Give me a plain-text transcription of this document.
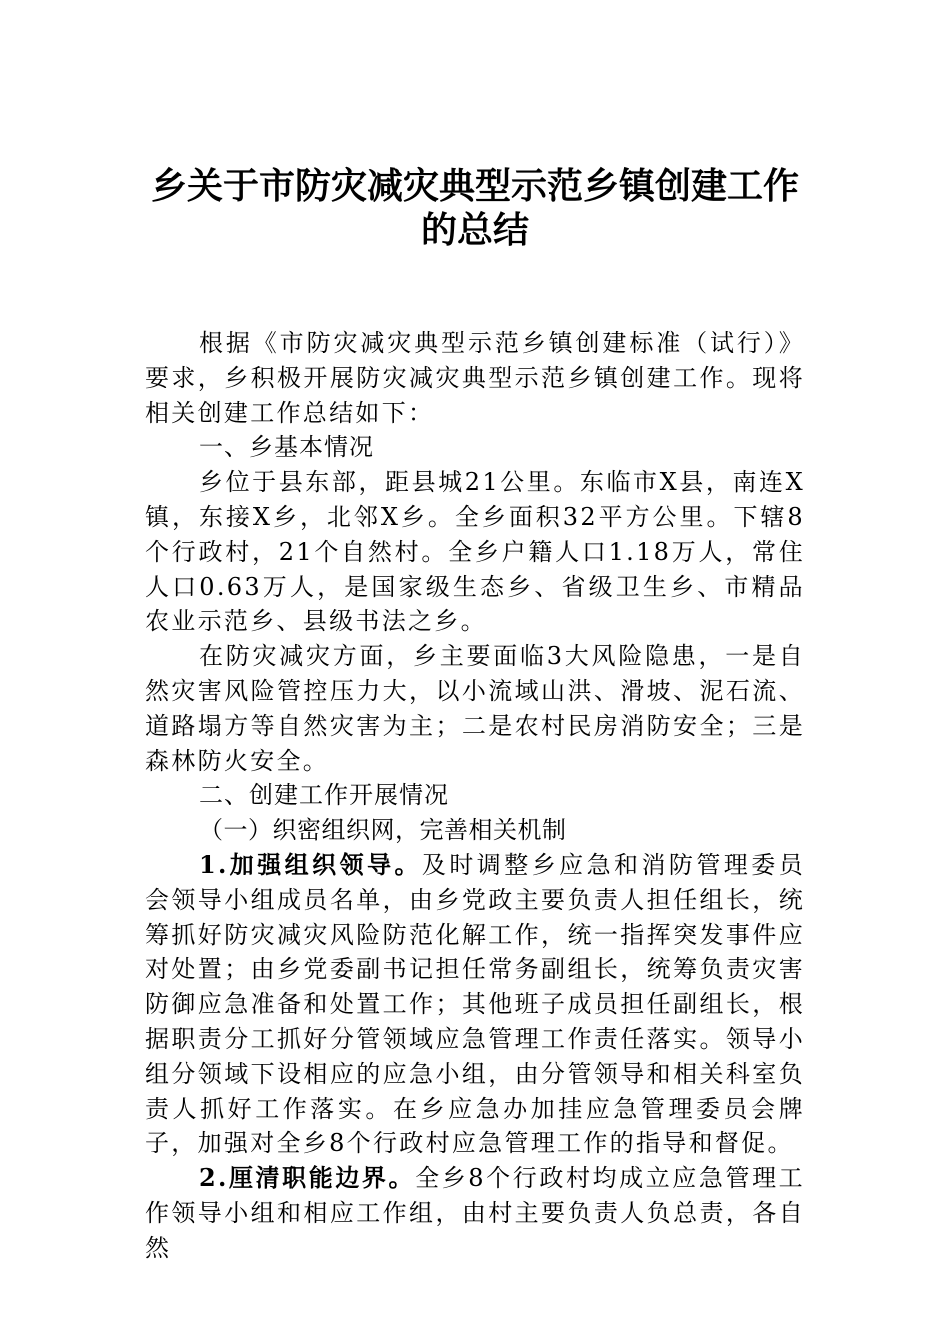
乡关于市防灾减灾典型示范乡镇创建工作
的总结

根据《市防灾减灾典型示范乡镇创建标准（试行）》要求，乡积极开展防灾减灾典型示范乡镇创建工作。现将相关创建工作总结如下：

一、乡基本情况

乡位于县东部，距县城21公里。东临市X县，南连X镇，东接X乡，北邻X乡。全乡面积32平方公里。下辖8个行政村，21个自然村。全乡户籍人口1.18万人，常住人口0.63万人，是国家级生态乡、省级卫生乡、市精品农业示范乡、县级书法之乡。

在防灾减灾方面，乡主要面临3大风险隐患，一是自然灾害风险管控压力大，以小流域山洪、滑坡、泥石流、道路塌方等自然灾害为主；二是农村民房消防安全；三是森林防火安全。

二、创建工作开展情况

（一）织密组织网，完善相关机制

1.加强组织领导。及时调整乡应急和消防管理委员会领导小组成员名单，由乡党政主要负责人担任组长，统筹抓好防灾减灾风险防范化解工作，统一指挥突发事件应对处置；由乡党委副书记担任常务副组长，统筹负责灾害防御应急准备和处置工作；其他班子成员担任副组长，根据职责分工抓好分管领域应急管理工作责任落实。领导小组分领域下设相应的应急小组，由分管领导和相关科室负责人抓好工作落实。在乡应急办加挂应急管理委员会牌子，加强对全乡8个行政村应急管理工作的指导和督促。

2.厘清职能边界。全乡8个行政村均成立应急管理工作领导小组和相应工作组，由村主要负责人负总责，各自然
